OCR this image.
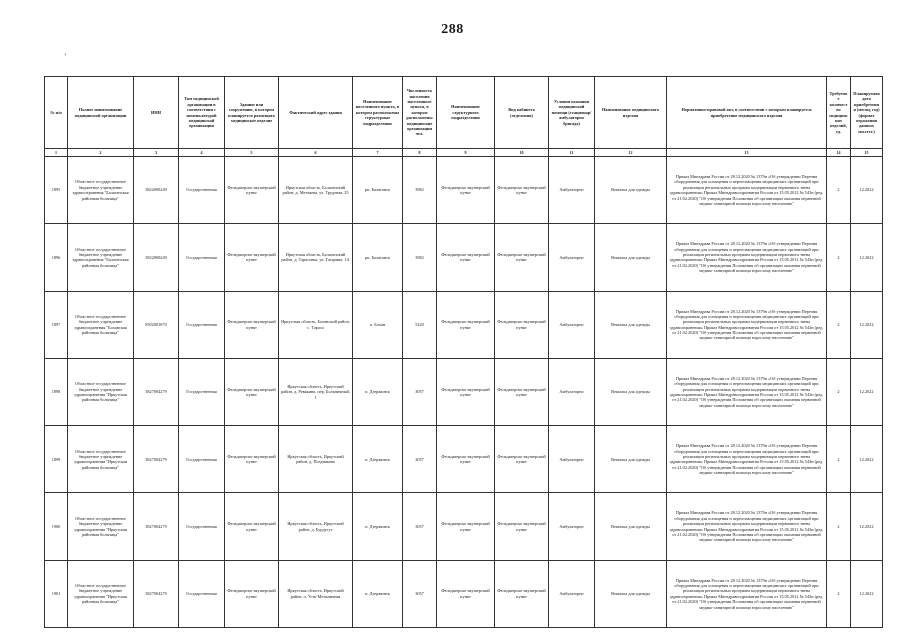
288
ʼ
№ п/п	Полное наименование медицинской организации	ИНН	Тип медицинской организации в соответствии с номенклатурой медицинской организации	Зданию или сооружению, в котором планируется размещать медицинское изделие	Фактический адрес здания	Наименование населенного пункта, в котором расположены структурные подразделения	Численность населения населенного пункта, в котором расположены медицинские организации чел.	Наименование структурного подразделения	Вид кабинета (отделения)	Условия оказания медицинской помощи (стационар/амбулаторно бригада)	Наименование медицинского изделия	Нормативно-правовой акт, в соответствии с которым планируется приобретение медицинского изделия	Требуемое количество медицинских изделий, ед.	Планируемая дата приобретения (месяц, год) (формат отражения данных мм.гггг.)
1	2	3	4	5	6	7	8	9	10	11	12	13	14	15
1895	Областное государственное бюджетное учреждение здравоохранения "Балаганская районная больница"	3822000249	Государственная	Фельдшерско-акушерский пункт	Иркутская область, Балаганский район, д. Метляева, ул. Трудовая, 25	рп. Балаганск	3982	Фельдшерско-акушерский пункт	Фельдшерско-акушерский пункт	Амбулаторно	Вешалка для одежды	Приказ Минздрава России от 28.12.2020 № 1379н «Об утверждении Перечня оборудования для оснащения и переоснащения медицинских организаций при реализации региональных программ модернизации первичного звена здравоохранения» Приказ Минздравсоцразвития России от 15.05.2012 № 543н (ред. от 21.02.2020) "Об утверждении Положения об организации оказания первичной медико-санитарной помощи взрослому населению"	2	12.2022
1896	Областное государственное бюджетное учреждение здравоохранения "Балаганская районная больница"	3822000249	Государственная	Фельдшерско-акушерский пункт	Иркутская область, Балаганский район, д. Тарасовка, ул. Гагарина, 1А	рп. Балаганск	3982	Фельдшерско-акушерский пункт	Фельдшерско-акушерский пункт	Амбулаторно	Вешалка для одежды	Приказ Минздрава России от 28.12.2020 № 1379н «Об утверждении Перечня оборудования для оснащения и переоснащения медицинских организаций при реализации региональных программ модернизации первичного звена здравоохранения» Приказ Минздравсоцразвития России от 15.05.2012 № 543н (ред. от 21.02.2020) "Об утверждении Положения об организации оказания первичной медико-санитарной помощи взрослому населению"	2	12.2022
1897	Областное государственное бюджетное учреждение здравоохранения "Боханская районная больница"	8502001870	Государственная	Фельдшерско-акушерский пункт	Иркутская область, Боханский район, с. Тараса	п. Бохан	5220	Фельдшерско-акушерский пункт	Фельдшерско-акушерский пункт	Амбулаторно	Вешалка для одежды	Приказ Минздрава России от 28.12.2020 № 1379н «Об утверждении Перечня оборудования для оснащения и переоснащения медицинских организаций при реализации региональных программ модернизации первичного звена здравоохранения» Приказ Минздравсоцразвития России от 15.05.2012 № 543н (ред. от 21.02.2020) "Об утверждении Положения об организации оказания первичной медико-санитарной помощи взрослому населению"	2	12.2022
1898	Областное государственное бюджетное учреждение здравоохранения "Иркутская районная больница"	3827004279	Государственная	Фельдшерско-акушерский пункт	Иркутская область, Иркутский район, д. Ревякина, пер. Больничный, 1	п. Дзержинск	3057	Фельдшерско-акушерский пункт	Фельдшерско-акушерский пункт	Амбулаторно	Вешалка для одежды	Приказ Минздрава России от 28.12.2020 № 1379н «Об утверждении Перечня оборудования для оснащения и переоснащения медицинских организаций при реализации региональных программ модернизации первичного звена здравоохранения» Приказ Минздравсоцразвития России от 15.05.2012 № 543н (ред. от 21.02.2020) "Об утверждении Положения об организации оказания первичной медико-санитарной помощи взрослому населению"	2	12.2022
1899	Областное государственное бюджетное учреждение здравоохранения "Иркутская районная больница"	3827004279	Государственная	Фельдшерско-акушерский пункт	Иркутская область, Иркутский район, д. Позднякова	п. Дзержинск	3057	Фельдшерско-акушерский пункт	Фельдшерско-акушерский пункт	Амбулаторно	Вешалка для одежды	Приказ Минздрава России от 28.12.2020 № 1379н «Об утверждении Перечня оборудования для оснащения и переоснащения медицинских организаций при реализации региональных программ модернизации первичного звена здравоохранения» Приказ Минздравсоцразвития России от 15.05.2012 № 543н (ред. от 21.02.2020) "Об утверждении Положения об организации оказания первичной медико-санитарной помощи взрослому населению"	2	12.2022
1900	Областное государственное бюджетное учреждение здравоохранения "Иркутская районная больница"	3827004279	Государственная	Фельдшерско-акушерский пункт	Иркутская область, Иркутский район, д. Бурдугуз	п. Дзержинск	3057	Фельдшерско-акушерский пункт	Фельдшерско-акушерский пункт	Амбулаторно	Вешалка для одежды	Приказ Минздрава России от 28.12.2020 № 1379н «Об утверждении Перечня оборудования для оснащения и переоснащения медицинских организаций при реализации региональных программ модернизации первичного звена здравоохранения» Приказ Минздравсоцразвития России от 15.05.2012 № 543н (ред. от 21.02.2020) "Об утверждении Положения об организации оказания первичной медико-санитарной помощи взрослому населению"	2	12.2022
1901	Областное государственное бюджетное учреждение здравоохранения "Иркутская районная больница"	3827004279	Государственная	Фельдшерско-акушерский пункт	Иркутская область, Иркутский район, п. Усть-Мельничная	п. Дзержинск	3057	Фельдшерско-акушерский пункт	Фельдшерско-акушерский пункт	Амбулаторно	Вешалка для одежды	Приказ Минздрава России от 28.12.2020 № 1379н «Об утверждении Перечня оборудования для оснащения и переоснащения медицинских организаций при реализации региональных программ модернизации первичного звена здравоохранения» Приказ Минздравсоцразвития России от 15.05.2012 № 543н (ред. от 21.02.2020) "Об утверждении Положения об организации оказания первичной медико-санитарной помощи взрослому населению"	2	12.2022
